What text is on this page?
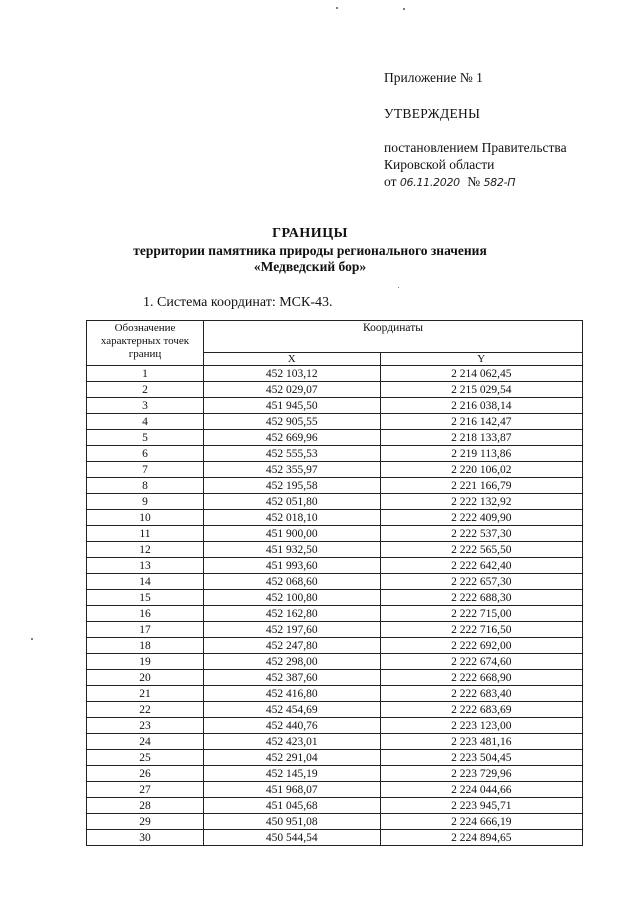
Приложение № 1
УТВЕРЖДЕНЫ
постановлением Правительства
Кировской области
от 06.11.2020 № 582-П
ГРАНИЦЫ
территории памятника природы регионального значения
«Медведский бор»
1. Система координат: МСК-43.
Обозначение характерных точек границ	Координаты	
	X	Y
1	452 103,12	2 214 062,45
2	452 029,07	2 215 029,54
3	451 945,50	2 216 038,14
4	452 905,55	2 216 142,47
5	452 669,96	2 218 133,87
6	452 555,53	2 219 113,86
7	452 355,97	2 220 106,02
8	452 195,58	2 221 166,79
9	452 051,80	2 222 132,92
10	452 018,10	2 222 409,90
11	451 900,00	2 222 537,30
12	451 932,50	2 222 565,50
13	451 993,60	2 222 642,40
14	452 068,60	2 222 657,30
15	452 100,80	2 222 688,30
16	452 162,80	2 222 715,00
17	452 197,60	2 222 716,50
18	452 247,80	2 222 692,00
19	452 298,00	2 222 674,60
20	452 387,60	2 222 668,90
21	452 416,80	2 222 683,40
22	452 454,69	2 222 683,69
23	452 440,76	2 223 123,00
24	452 423,01	2 223 481,16
25	452 291,04	2 223 504,45
26	452 145,19	2 223 729,96
27	451 968,07	2 224 044,66
28	451 045,68	2 223 945,71
29	450 951,08	2 224 666,19
30	450 544,54	2 224 894,65
